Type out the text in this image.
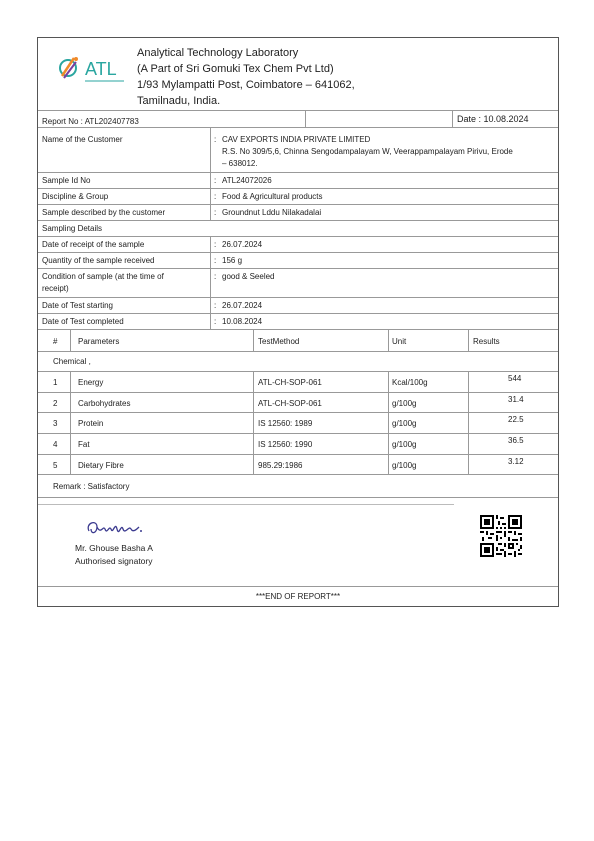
ATL
Analytical Technology Laboratory
(A Part of Sri Gomuki Tex Chem Pvt Ltd)
1/93 Mylampatti Post, Coimbatore – 641062,
Tamilnadu, India.
Report No : ATL202407783	Date : 10.08.2024
Name of the Customer	: CAV EXPORTS INDIA PRIVATE LIMITED
R.S. No 309/5,6, Chinna Sengodampalayam W, Veerappampalayam Pirivu, Erode
– 638012.
Sample Id No	: ATL24072026
Discipline & Group	: Food & Agricultural products
Sample described by the customer	: Groundnut Lddu Nilakadalai
Sampling Details
Date of receipt of the sample	: 26.07.2024
Quantity of the sample received	: 156 g
Condition of sample (at the time of
receipt)
: good & Seeled
Date of Test starting	: 26.07.2024
Date of Test completed	: 10.08.2024
#	Parameters	TestMethod	Unit	Results
Chemical ,
1	Energy	ATL-CH-SOP-061	Kcal/100g	544
2	Carbohydrates	ATL-CH-SOP-061	g/100g	31.4
3	Protein	IS 12560: 1989	g/100g	22.5
4	Fat	IS 12560: 1990	g/100g	36.5
5	Dietary Fibre	985.29:1986	g/100g	3.12
Remark : Satisfactory
Mr. Ghouse Basha A
Authorised signatory
***END OF REPORT***
